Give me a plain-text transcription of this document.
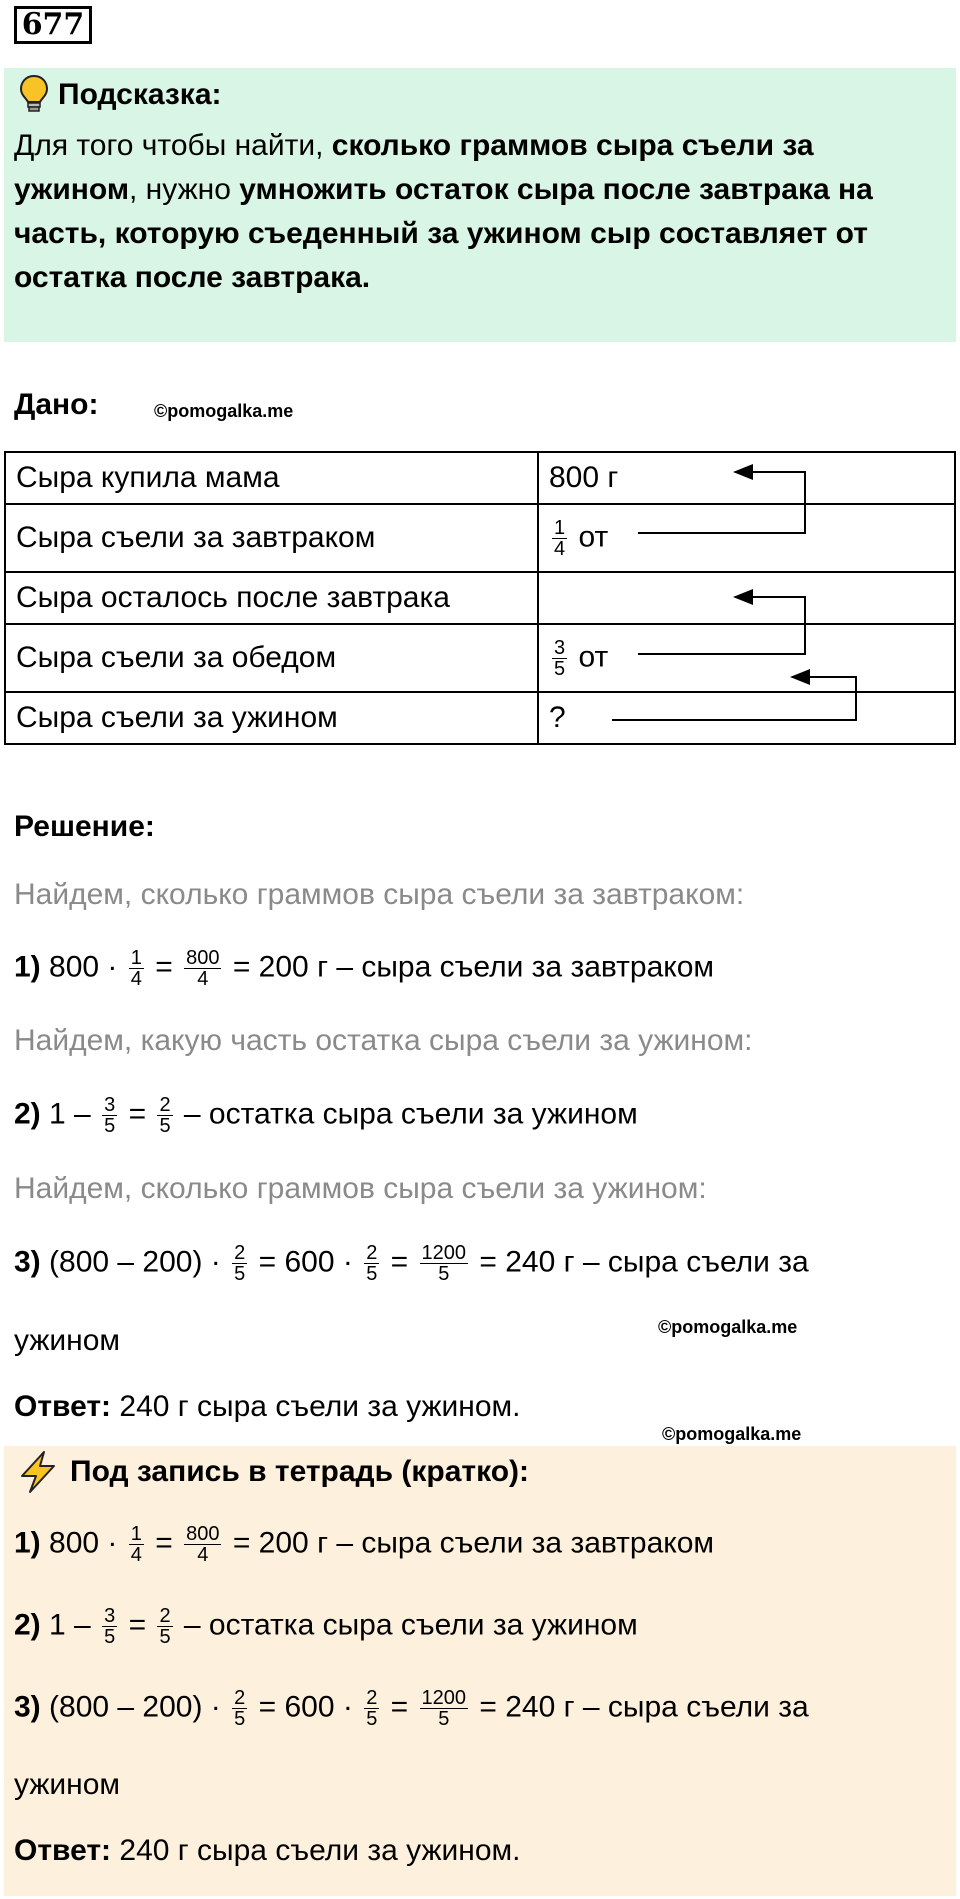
677
Подсказка:
Для того чтобы найти, сколько граммов сыра съели за ужином, нужно умножить остаток сыра после завтрака на часть, которую съеденный за ужином сыр составляет от остатка после завтрака.
Дано:	©pomogalka.me
Сыра купила мама	800 г
Сыра съели за завтраком	$\frac{1}{4}$ от
Сыра осталось после завтрака	
Сыра съели за обедом	$\frac{3}{5}$ от
Сыра съели за ужином	?
Решение:
Найдем, сколько граммов сыра съели за завтраком:
1) $800 \cdot \frac{1}{4} = \frac{800}{4} = 200$ г – сыра съели за завтраком
Найдем, какую часть остатка сыра съели за ужином:
2) $1 - \frac{3}{5} = \frac{2}{5}$ – остатка сыра съели за ужином
Найдем, сколько граммов сыра съели за ужином:
3) $(800 - 200) \cdot \frac{2}{5} = 600 \cdot \frac{2}{5} = \frac{1200}{5} = 240$ г – сыра съели за
ужином	©pomogalka.me
Ответ: 240 г сыра съели за ужином.
©pomogalka.me
Под запись в тетрадь (кратко):
1) $800 \cdot \frac{1}{4} = \frac{800}{4} = 200$ г – сыра съели за завтраком
2) $1 - \frac{3}{5} = \frac{2}{5}$ – остатка сыра съели за ужином
3) $(800 - 200) \cdot \frac{2}{5} = 600 \cdot \frac{2}{5} = \frac{1200}{5} = 240$ г – сыра съели за
ужином
Ответ: 240 г сыра съели за ужином.
